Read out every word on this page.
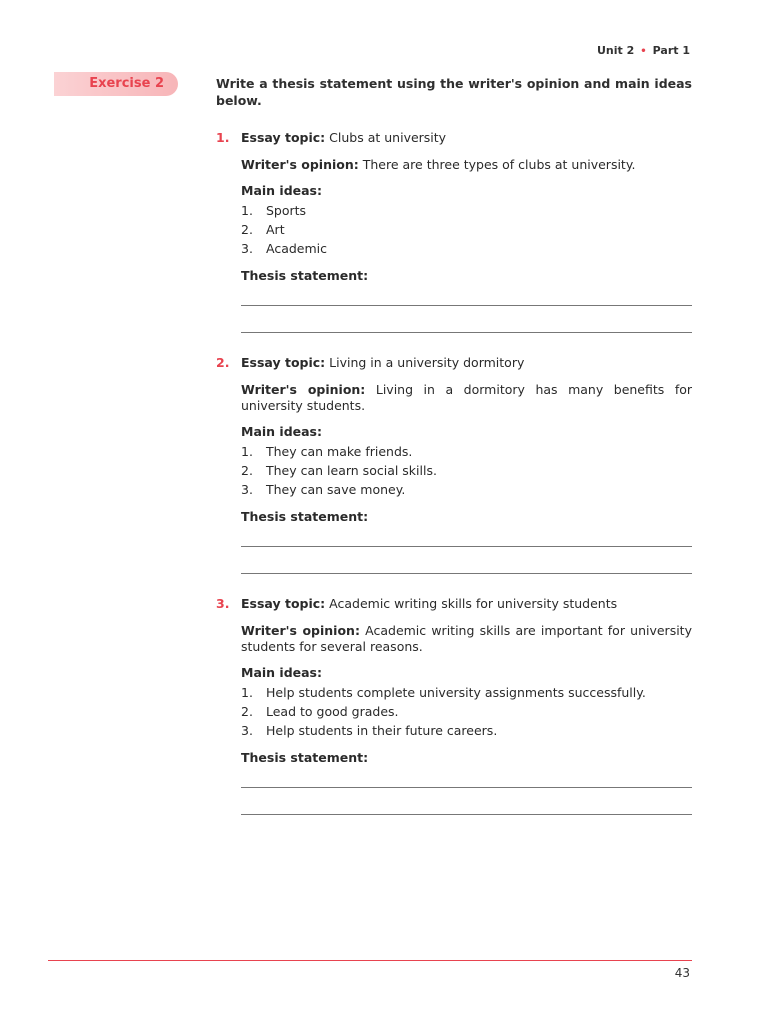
Unit 2 • Part 1
Exercise 2	Write a thesis statement using the writer's opinion and main ideas below.
1. Essay topic: Clubs at university
Writer's opinion: There are three types of clubs at university.
Main ideas:
1.	Sports
2.	Art
3.	Academic
Thesis statement:
2. Essay topic: Living in a university dormitory
Writer's opinion: Living in a dormitory has many benefits for university students.
Main ideas:
1.	They can make friends.
2.	They can learn social skills.
3.	They can save money.
Thesis statement:
3. Essay topic: Academic writing skills for university students
Writer's opinion: Academic writing skills are important for university students for several reasons.
Main ideas:
1.	Help students complete university assignments successfully.
2.	Lead to good grades.
3.	Help students in their future careers.
Thesis statement:
43
